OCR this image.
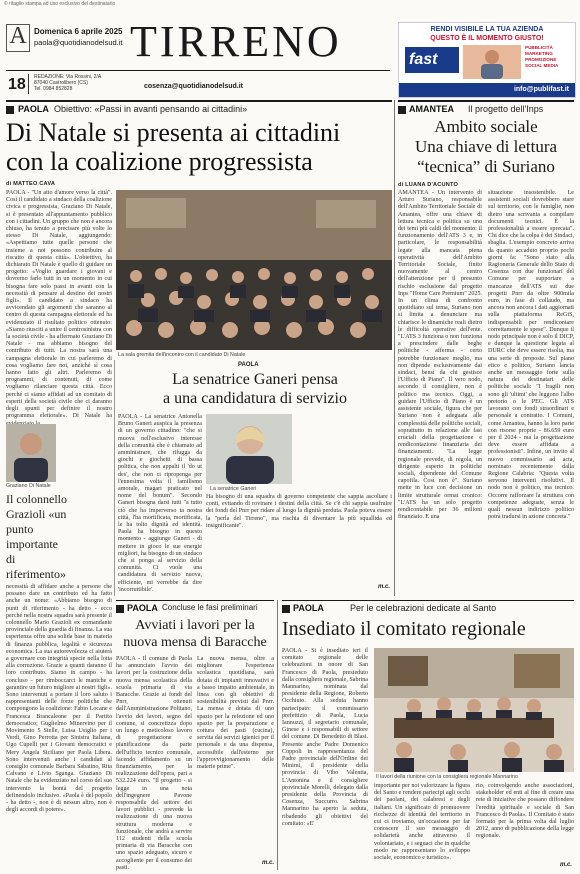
© ritaglio stampa ad uso esclusivo del destinatario
A Domenica 6 aprile 2025
paola@quotidianodelsud.it TIRRENO
18 REDAZIONE: Via Rossini, 2/A
87040 Castrolibero (CS)
Tel. 0984 852828	cosenza@quotidianodelsud.it
RENDI VISIBILE LA TUA AZIENDA
QUESTO È IL MOMENTO GIUSTO!
fast
PUBBLICITÀ
MARKETING
PROMOZIONE
SOCIAL MEDIA
info@publifast.it
PAOLA Obiettivo: «Passi in avanti pensando ai cittadini»
Di Natale si presenta ai cittadini
con la coalizione progressista
di MATTEO CAVA
PAOLA - "Un atto d'amore verso la città". Così il candidato a sindaco della coalizione civica e progressista, Graziano Di Natale, si è presentato all'appuntamento pubblico con i cittadini. Un gruppo che non è ancora chiuso, ha tenuto a precisare più volte lo stesso Di Natale, aggiungendo: «Aspettiamo tutte quelle persone che insieme a noi possono contribuire al riscatto di questa città». L'obiettivo, ha dichiarato Di Natale è quello di guidare un progetto: «Voglio guardare i giovani e dovremo farlo tutti in un momento in cui bisogna fare solo passi in avanti con la necessità di pensare al destino dei nostri figli». Il candidato a sindaco ha avvicendato gli argomenti che saranno al centro di questa campagna elettorale ed ha evidenziato il risultato politico ottenuto: «Siamo riusciti a unire il centrosinistra con la società civile - ha affermato Graziano Di Natale - ma abbiamo bisogno del contributo di tutti. La nostra sarà una campagna elettorale in cui parleremo di cosa vogliamo fare noi, anziché sì cosa hanno fatto gli altri. Parleremo di programmi, di contenuti, di come vogliamo rilanciare questa città. Ecco perché ci siamo affidati ad un comitato di esperti della società civile che ci daranno degli spunti per definire il nostro programma elettorale». Di Natale ha
La sala gremita dell'incontro con il candidato Di Natale
Graziano Di Natale
Il colonnello Grazioli «un punto importante di riferimento»
necessità di affidare anche a persone che possano dare un contributo ed ha fatto anche un nome: «Abbiamo bisogno di punti di riferimento - ha detto - ecco perché nella nostra squadra sarà presente il colonnello Mario Grazioli ex comandante provinciale della guardia di finanza. La sua esperienza offre una solida base in materia di finanza pubblica, legalità e sicurezza economica. La sua autorevolezza ci aiuterà a governare con integrità specie nella lotta alla corruzione. Grazie a quanti daranno il loro contributo. Siamo in campo - ha concluso - per rimboccarci le maniche e garantire un futuro migliore ai nostri figli». Sono intervenuti a portare il loro saluto i rappresentanti delle forze politiche che compongono la coalizione: Fabio Locane e Francesca Brancaleone per il Partito democratico; Guglielmo Minervino per il Movimento 5 Stelle, Luisa Usiglio per i Verdi, Gino Perrotta per Sinistra Italiana, Ugo Cupelli per i Giovani democratici e Mery Angela Siciliano per Paola Libera. Sono intervenuti anche i candidati al consiglio comunale Barbara Sabatino, Rita Calvano e Livio Sganga. Graziano Di Natale che ha evidenziato nel corso del suo intervento la bontà del progetto definendolo inclusivo. «Paola è del popolo - ha detto -, non è di nessun altro, non è degli accordi di potere».
PAOLA
La senatrice Ganeri pensa
a una candidatura di servizio
PAOLA - La senatrice Antonella Bruno Ganeri auspica la presenza di un governo cittadino: "che si muova nell'esclusivo interesse della comunità che è chiamato ad amministrare, che rifugga da giochi e giochetti di bassa politica, che non appalti il 'do ut des', che non ci ripropenga per l'ennesima volta il familismo amorale, magari praticato nel nome del bonum". Secondo Ganeri bisogna darsi tutti "a tutto ciò che ha imperverso ta nostra città, l'ha mortificata, mortificata, le ha tolto dignità ed identità. Paola ha bisogno in questo momento - aggiunge Ganeri - di mettere in gioco le sue energie migliori, ha bisogno di un sindaco che si ponga al servizio della comunità. Ci vuole una candidatura di servizio nuova, efficiente, mi verrebbe da dire 'incorruttibile'.
La senatrice Ganeri
Ha bisogno di una squadra di governo competente che sappia ascoltare i conti, evitando di rovinare i destini della città. Se c'è chi sappia usufruire dei fondi del Pnrr per ridare al luogo la dignità perduta. Paola poteva essere la "perla del Tirreno", ma rischia di diventare la più squallida ed insignificante".
m.c.
AMANTEA Il progetto dell'Inps
Ambito sociale
Una chiave di lettura
“tecnica” di Suriano
di LUANA D'ACUNTO
AMANTEA - Un intervento di Arturo Suriano, responsabile dell'Ambito Territoriale Sociale di Amantea, offre una chiave di lettura tecnica e politica su uno dei temi più caldi del momento: il funzionamento dell'ATS 3 e, in particolare, le responsabilità legate alla mancata piena operatività dell'Ambito Territoriale Sociale, finito nuovamente al centro dell'attenzione per il presunto rischio esclusione dal progetto Inps "Home Care Premium" 2025. In un clima di confronto quotidiano sul tema, Suriano non si limita a denunciare ma chiarisce le dinamiche reali dietro le difficoltà operative dell'ente. "L'ATS 3 funziona o non funziona a prescindere dalle beghe politiche - afferma - certo potrebbe funzionare meglio, ma non dipende esclusivamente dai sindaci, bensì da chi gestisce l'Ufficio di Piano". Il vero nodo, secondo il consigliere, non è politico ma tecnico. Oggi, a guidare l'Ufficio di Piano è un assistente sociale, figura che per Suriano non è adeguata alle complessità delle politiche sociali, soprattutto in relazione alle fasi cruciali della progettazione e rendicontazione finanziaria dei finanziamenti. "La legge regionale prevede, di regola, un dirigente esperto in politiche sociali, dipendente del Comune capofila. Così non è". Suriano mette in luce con decisione un limite strutturale ormai cronico: "L'ATS ha un solo progetto rendicontabile per 36 milioni finanziato. E una
situazione insostenibile. Le assistenti sociali dovrebbero stare sul territorio, con le famiglie, non dietro una scrivania a compilare documenti tecnici. È la professionalità a essere sprecata". Chi dice che la colpa è dei Sindaci, sbaglia. L'esempio concreto arriva da quanto accaduto proprio pochi giorni fa: "Sono stato alla Ragioneria Generale dello Stato di Cosenza con due funzionari del Comune per supportare a mancanze dell'ATS sui due progetti Pnrr da oltre 900mila euro, in fase di collaudo, ma ancora non ancora i dati aggiornati sulla piattaforma ReGiS, indispensabili per rendicontare correttamente le spese". Dunque il nodo principale non è solo il DICP, e dunque la questione legata al DURC che deve essere risolta, ma una serie di proposte. Sul piano etico e politico, Suriano lancia anche un messaggio forte sulla natura dei destinatari delle politiche sociali: "I fragili non sono gli 'ultimi' che leggono l'albo pretorio o le PEC. Gli ATS lavorano con fondi straordinari e personale a contratto. I Comuni, come Amantea, hanno la loro parte con risorse proprie - 86.659 euro per il 2024 - ma la progettazione deve essere affidata a professionisti". Infine, un invito al nuovo commissario ad acta, nominato recentemente dalla Regione Calabria: "Questa volta servono interventi risolutivi. Il nodo non è politico, ma tecnico. Occorre rafforzare la struttura con competenze adeguate, senza le quali nessun indirizzo politico potrà tradursi in azione concreta."
PAOLA Concluse le fasi preliminari
Avviati i lavori per la
nuova mensa di Baracche
PAOLA - Il comune di Paola ha annunciato l'avvio dei lavori per la costruzione della nuova mensa scolastica della scuola primaria di via Baracche. Grazie ai fondi del Pnrr, ottenuti dall'Amministrazione Politano, l'avvio dei lavori, segno del comune, si concretizza dopo un lungo e meticoloso lavoro di progettazione e pianificazione da parte dell'ufficio tecnico comunale, facendo affidamento su un finanziamento, per la realizzazione dell'opera, pari a 532.224 euro. "Il progetto - si legge in una nota dell'ingegnere Pavone responsabile del settore dei lavori pubblici - prevede la realizzazione di una nuova struttura moderna e funzionale, che andrà a servire 112 studenti della scuola primaria di via Baracche con uno spazio adeguato, sicuro e accogliente per il consumo dei pasti.
La nuova mensa, oltre a migliorare l'esperienza scolastica quotidiana, sarà dotata di impianti innovativi e a basso impatto ambientale, in linea con gli obiettivi di sostenibilità previsti dal Pnrr. La mensa è dotata di uno spazio per la refezione ed uno spazio per la preparazione e cottura dei pasti (cucina), servita dai servizi igienici per il personale e da una dispensa, accessibile dall'esterno per l'approvvigionamento delle materie prime".
m.c.
PAOLA	Per le celebrazioni dedicate al Santo
Insediato il comitato regionale
PAOLA - Si è insediato ieri il comitato regionale delle celebrazioni in onore di San Francesco di Paola, presieduto dalla consigliera regionale, Sabrina Mannarino, nominata dal presidente della Regione, Roberto Occhiuto. Alla seduta hanno partecipato: il commissario prefettizio di Paola, Lucia Iannuzzi, il segretario comunale, Ginese e i responsabili di settore del comune. Di Benedetto di Blasi. Presente anche Padre Domenico Coppoli in rappresentanza del Padre provinciale dell'Ordine dei Minimi, il presidente della provincia di Vibo Valentia, L'Antonina e il consigliere provinciale Morelli, delegato dalla presidente della Provincia di Cosenza, Succurro. Sabrina Mannarino ha aperto la seduta, ribadendo gli obiettivi del comitato: «E'
Il lavori della riunione con la consigliera regionale Mannarino
importante per noi valorizzare la figura del Santo e rendere partecipi agli occhi dei paolani, dei calabresi e degli italiani. Un significato di promuovere ricchezze di identità del territorio in cui ci troviamo, un'occasione per far conoscere il suo messaggio di solidarietà anche attraverso il volontariato, e i seguaci che in qualche modo ne rappresentano lo sviluppo sociale, economico e turistico».
rio, coinvolgendo anche associazioni, stakeholder ed enti al fine di creare una rete di iniziative che possano diffondere l'eredità spirituale e sociale di San Francesco di Paola». Il Comitato è stato formato per la prima volta dal luglio 2012, anno di pubblicazione della legge regionale.
m.c.
